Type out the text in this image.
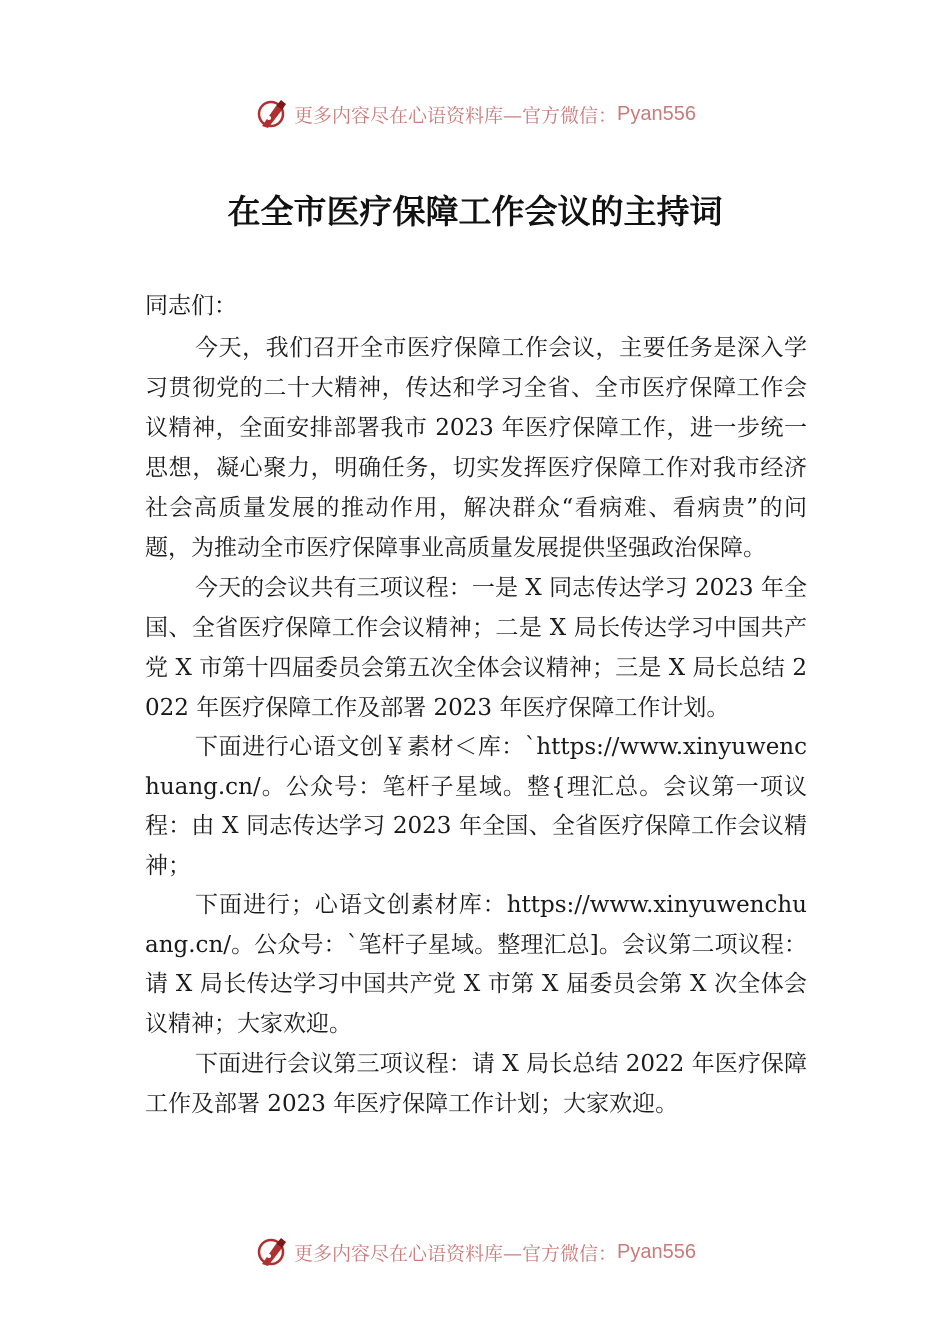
更多内容尽在心语资料库—官方微信： Pyan556
在全市医疗保障工作会议的主持词

同志们：

今天，我们召开全市医疗保障工作会议，主要任务是深入学习贯彻党的二十大精神，传达和学习全省、全市医疗保障工作会议精神，全面安排部署我市 2023 年医疗保障工作，进一步统一思想，凝心聚力，明确任务，切实发挥医疗保障工作对我市经济社会高质量发展的推动作用，解决群众“看病难、看病贵”的问题，为推动全市医疗保障事业高质量发展提供坚强政治保障。

今天的会议共有三项议程：一是 X 同志传达学习 2023 年全国、全省医疗保障工作会议精神；二是 X 局长传达学习中国共产党 X 市第十四届委员会第五次全体会议精神；三是 X 局长总结 2022 年医疗保障工作及部署 2023 年医疗保障工作计划。

下面进行心语文创￥素材＜库：`https://www.xinyuwenchuang.cn/。公众号：笔杆子星域。整{理汇总。会议第一项议程：由 X 同志传达学习 2023 年全国、全省医疗保障工作会议精神；

下面进行；心语文创素材库：https://www.xinyuwenchuang.cn/。公众号：`笔杆子星域。整理汇总]。会议第二项议程：请 X 局长传达学习中国共产党 X 市第 X 届委员会第 X 次全体会议精神；大家欢迎。

下面进行会议第三项议程：请 X 局长总结 2022 年医疗保障工作及部署 2023 年医疗保障工作计划；大家欢迎。

更多内容尽在心语资料库—官方微信： Pyan556
